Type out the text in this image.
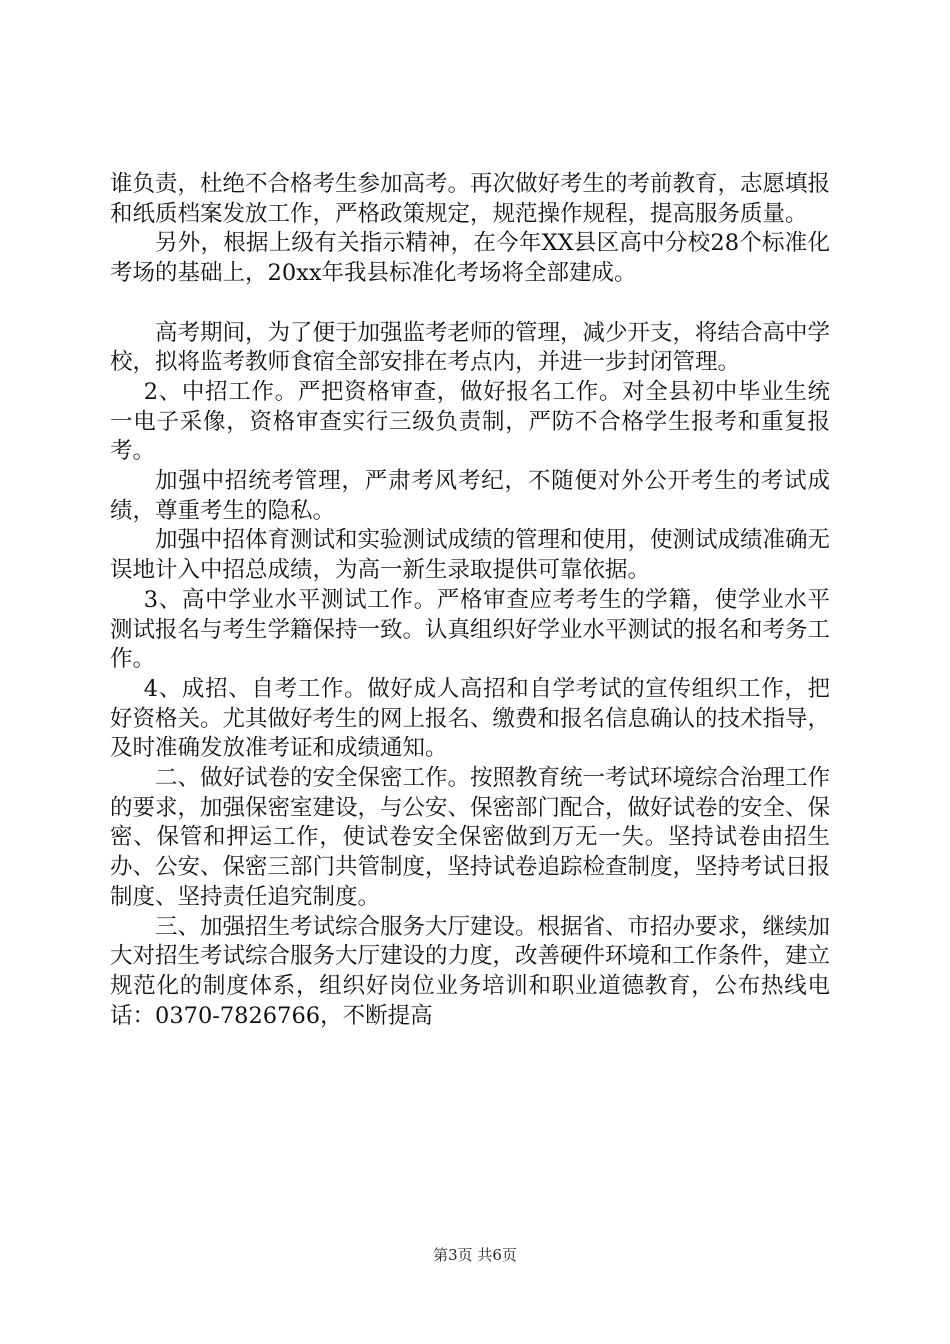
谁负责，杜绝不合格考生参加高考。再次做好考生的考前教育，志愿填报和纸质档案发放工作，严格政策规定，规范操作规程，提高服务质量。

另外，根据上级有关指示精神，在今年XX县区高中分校28个标准化考场的基础上，20xx年我县标准化考场将全部建成。

高考期间，为了便于加强监考老师的管理，减少开支，将结合高中学校，拟将监考教师食宿全部安排在考点内，并进一步封闭管理。

2、中招工作。严把资格审查，做好报名工作。对全县初中毕业生统一电子采像，资格审查实行三级负责制，严防不合格学生报考和重复报考。

加强中招统考管理，严肃考风考纪，不随便对外公开考生的考试成绩，尊重考生的隐私。

加强中招体育测试和实验测试成绩的管理和使用，使测试成绩准确无误地计入中招总成绩，为高一新生录取提供可靠依据。

3、高中学业水平测试工作。严格审查应考考生的学籍，使学业水平测试报名与考生学籍保持一致。认真组织好学业水平测试的报名和考务工作。

4、成招、自考工作。做好成人高招和自学考试的宣传组织工作，把好资格关。尤其做好考生的网上报名、缴费和报名信息确认的技术指导，及时准确发放准考证和成绩通知。

二、做好试卷的安全保密工作。按照教育统一考试环境综合治理工作的要求，加强保密室建设，与公安、保密部门配合，做好试卷的安全、保密、保管和押运工作，使试卷安全保密做到万无一失。坚持试卷由招生办、公安、保密三部门共管制度，坚持试卷追踪检查制度，坚持考试日报制度、坚持责任追究制度。

三、加强招生考试综合服务大厅建设。根据省、市招办要求，继续加大对招生考试综合服务大厅建设的力度，改善硬件环境和工作条件，建立规范化的制度体系，组织好岗位业务培训和职业道德教育，公布热线电话：0370-7826766，不断提高

第3页 共6页
